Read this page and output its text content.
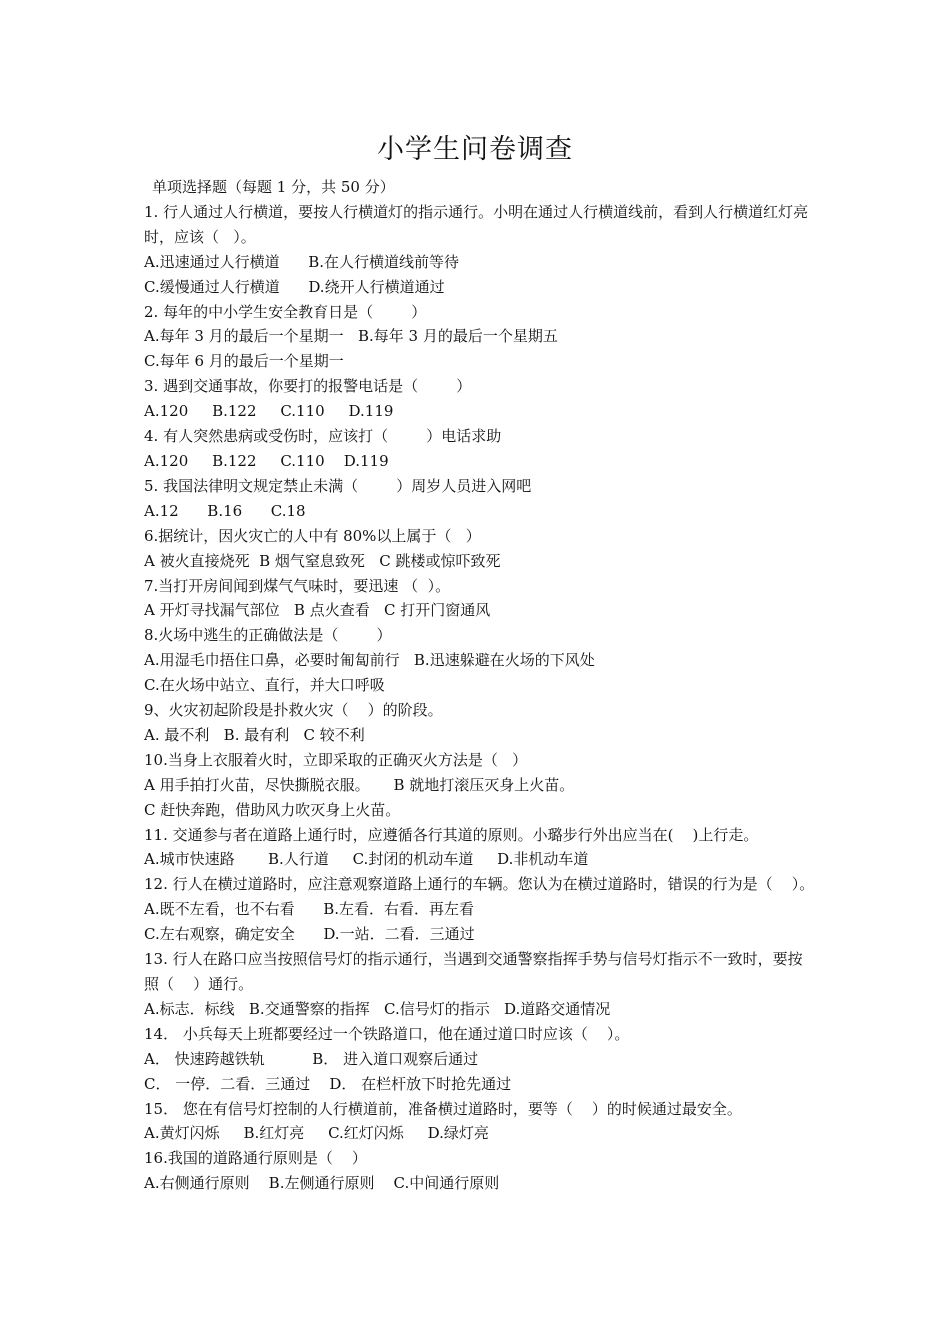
小学生问卷调查

单项选择题（每题 1 分，共 50 分）

1. 行人通过人行横道，要按人行横道灯的指示通行。小明在通过人行横道线前，看到人行横道红灯亮时，应该（   ）。

A.迅速通过人行横道      B.在人行横道线前等待

C.缓慢通过人行横道      D.绕开人行横道通过

2. 每年的中小学生安全教育日是（        ）

A.每年 3 月的最后一个星期一   B.每年 3 月的最后一个星期五

C.每年 6 月的最后一个星期一

3. 遇到交通事故，你要打的报警电话是（        ）

A.120     B.122     C.110     D.119

4. 有人突然患病或受伤时，应该打（        ）电话求助

A.120     B.122     C.110    D.119

5. 我国法律明文规定禁止未满（        ）周岁人员进入网吧

A.12      B.16      C.18

6.据统计，因火灾亡的人中有 80%以上属于（   ）

A 被火直接烧死  B 烟气窒息致死   C 跳楼或惊吓致死

7.当打开房间闻到煤气气味时，要迅速 （  ）。

A 开灯寻找漏气部位   B 点火查看   C 打开门窗通风

8.火场中逃生的正确做法是（        ）

A.用湿毛巾捂住口鼻，必要时匍匐前行   B.迅速躲避在火场的下风处

C.在火场中站立、直行，并大口呼吸

9、火灾初起阶段是扑救火灾（    ）的阶段。

A. 最不利   B. 最有利   C 较不利

10.当身上衣服着火时，立即采取的正确灭火方法是（   ）

A 用手拍打火苗，尽快撕脱衣服。     B 就地打滚压灭身上火苗。

C 赶快奔跑，借助风力吹灭身上火苗。

11. 交通参与者在道路上通行时，应遵循各行其道的原则。小璐步行外出应当在(    )上行走。

A.城市快速路       B.人行道     C.封闭的机动车道     D.非机动车道

12. 行人在横过道路时，应注意观察道路上通行的车辆。您认为在横过道路时，错误的行为是（    ）。

A.既不左看，也不右看      B.左看．右看．再左看

C.左右观察，确定安全      D.一站．二看．三通过

13. 行人在路口应当按照信号灯的指示通行，当遇到交通警察指挥手势与信号灯指示不一致时，要按照（    ）通行。

A.标志．标线   B.交通警察的指挥   C.信号灯的指示   D.道路交通情况

14． 小兵每天上班都要经过一个铁路道口，他在通过道口时应该（    ）。

A． 快速跨越铁轨          B． 进入道口观察后通过

C． 一停．二看．三通过    D． 在栏杆放下时抢先通过

15． 您在有信号灯控制的人行横道前，准备横过道路时，要等（    ）的时候通过最安全。

A.黄灯闪烁     B.红灯亮     C.红灯闪烁     D.绿灯亮

16.我国的道路通行原则是（    ）

A.右侧通行原则    B.左侧通行原则    C.中间通行原则
